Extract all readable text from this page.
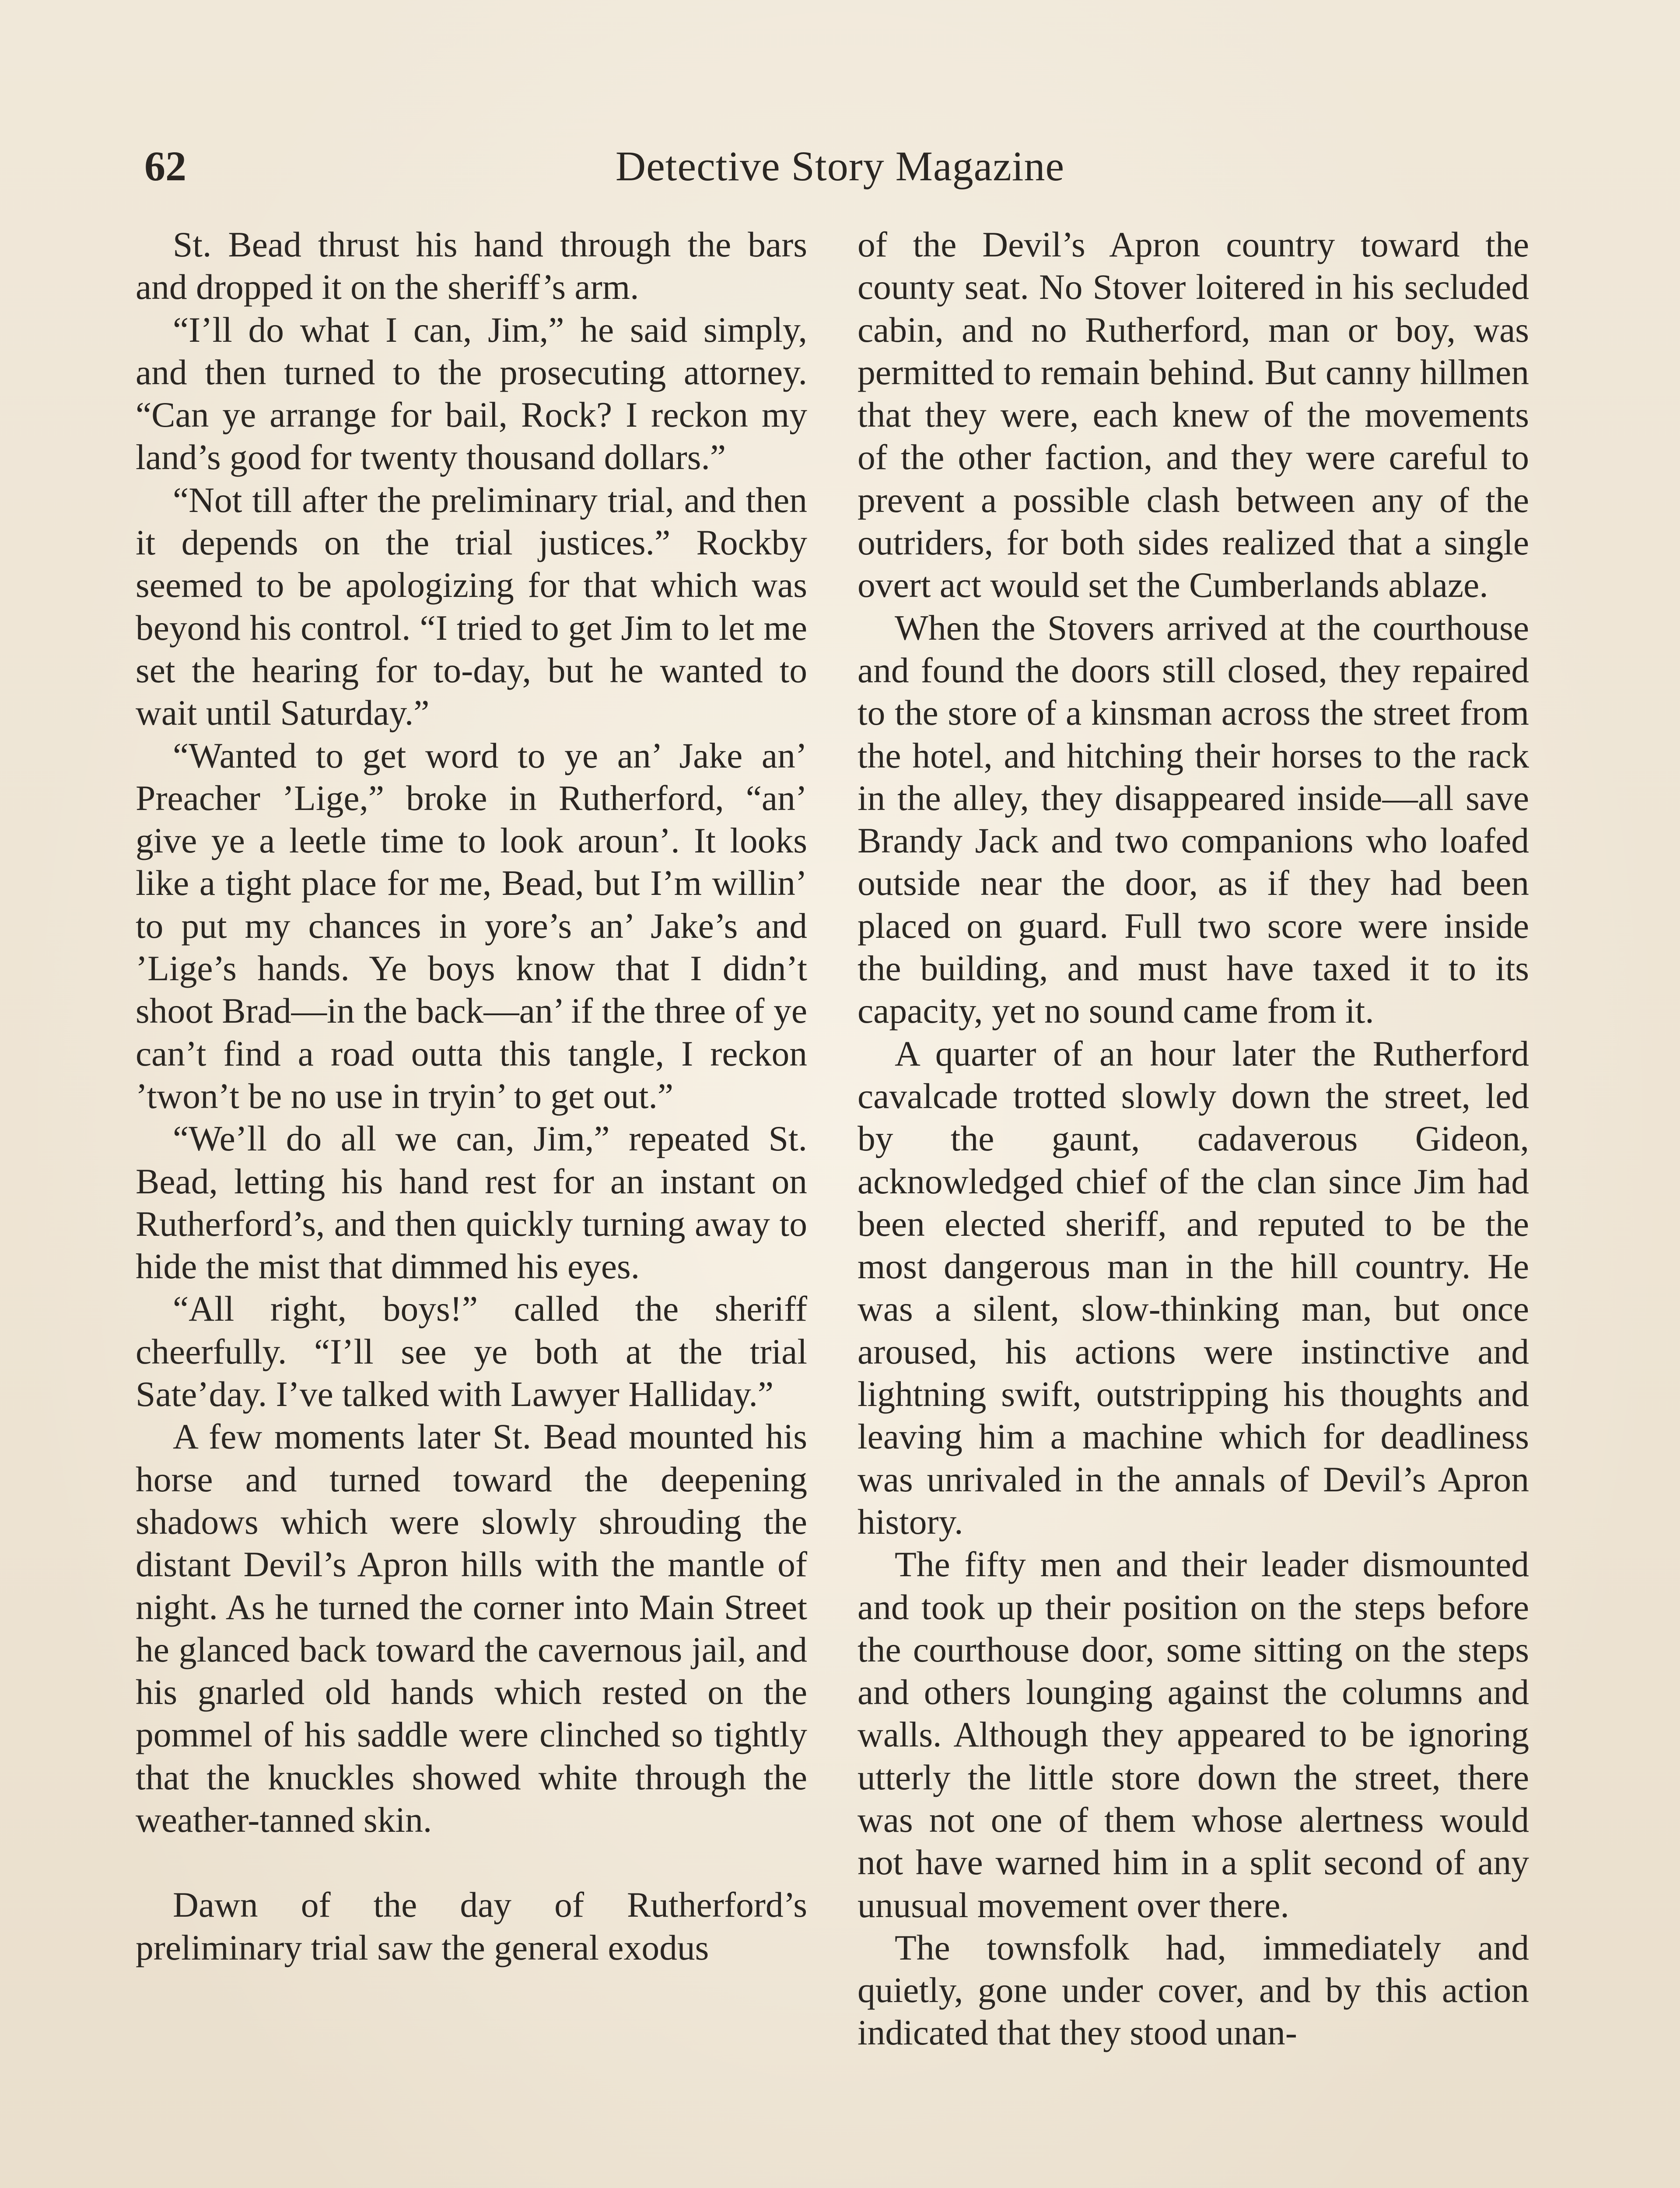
62	Detective Story Magazine

St. Bead thrust his hand through the bars and dropped it on the sheriff’s arm.

“I’ll do what I can, Jim,” he said simply, and then turned to the prosecuting attorney. “Can ye arrange for bail, Rock? I reckon my land’s good for twenty thousand dollars.”

“Not till after the preliminary trial, and then it depends on the trial justices.” Rockby seemed to be apologizing for that which was beyond his control. “I tried to get Jim to let me set the hearing for to-day, but he wanted to wait until Saturday.”

“Wanted to get word to ye an’ Jake an’ Preacher ’Lige,” broke in Rutherford, “an’ give ye a leetle time to look aroun’. It looks like a tight place for me, Bead, but I’m willin’ to put my chances in yore’s an’ Jake’s and ’Lige’s hands. Ye boys know that I didn’t shoot Brad—in the back—an’ if the three of ye can’t find a road outta this tangle, I reckon ’twon’t be no use in tryin’ to get out.”

“We’ll do all we can, Jim,” repeated St. Bead, letting his hand rest for an instant on Rutherford’s, and then quickly turning away to hide the mist that dimmed his eyes.

“All right, boys!” called the sheriff cheerfully. “I’ll see ye both at the trial Sate’day. I’ve talked with Lawyer Halliday.”

A few moments later St. Bead mounted his horse and turned toward the deepening shadows which were slowly shrouding the distant Devil’s Apron hills with the mantle of night. As he turned the corner into Main Street he glanced back toward the cavernous jail, and his gnarled old hands which rested on the pommel of his saddle were clinched so tightly that the knuckles showed white through the weather-tanned skin.

Dawn of the day of Rutherford’s preliminary trial saw the general exodus

of the Devil’s Apron country toward the county seat. No Stover loitered in his secluded cabin, and no Rutherford, man or boy, was permitted to remain behind. But canny hillmen that they were, each knew of the movements of the other faction, and they were careful to prevent a possible clash between any of the outriders, for both sides realized that a single overt act would set the Cumberlands ablaze.

When the Stovers arrived at the courthouse and found the doors still closed, they repaired to the store of a kinsman across the street from the hotel, and hitching their horses to the rack in the alley, they disappeared inside—all save Brandy Jack and two companions who loafed outside near the door, as if they had been placed on guard. Full two score were inside the building, and must have taxed it to its capacity, yet no sound came from it.

A quarter of an hour later the Rutherford cavalcade trotted slowly down the street, led by the gaunt, cadaverous Gideon, acknowledged chief of the clan since Jim had been elected sheriff, and reputed to be the most dangerous man in the hill country. He was a silent, slow-thinking man, but once aroused, his actions were instinctive and lightning swift, outstripping his thoughts and leaving him a machine which for deadliness was unrivaled in the annals of Devil’s Apron history.

The fifty men and their leader dismounted and took up their position on the steps before the courthouse door, some sitting on the steps and others lounging against the columns and walls. Although they appeared to be ignoring utterly the little store down the street, there was not one of them whose alertness would not have warned him in a split second of any unusual movement over there.

The townsfolk had, immediately and quietly, gone under cover, and by this action indicated that they stood unan-
